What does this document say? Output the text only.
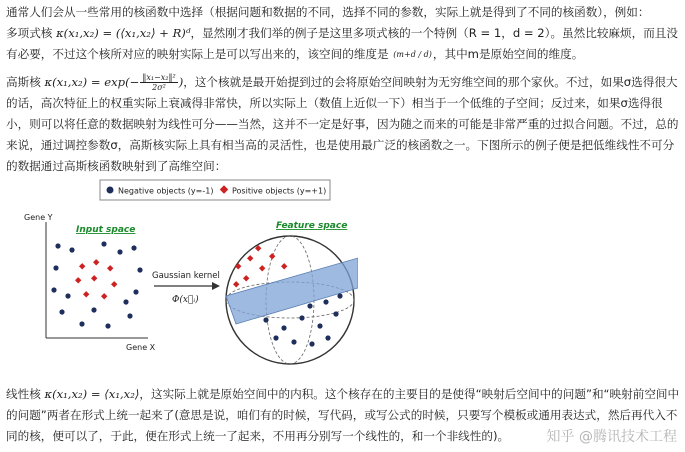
通常人们会从一些常用的核函数中选择（根据问题和数据的不同，选择不同的参数，实际上就是得到了不同的核函数），例如：
多项式核 κ(x₁,x₂) = (⟨x₁,x₂⟩ + R)ᵈ，显然刚才我们举的例子是这里多项式核的一个特例（R = 1，d = 2）。虽然比较麻烦，而且没有必要，不过这个核所对应的映射实际上是可以写出来的，该空间的维度是 (m+d / d)，其中m是原始空间的维度。
高斯核 $\kappa(x_1,x_2) = \exp(- \frac{\text{‖x₁−x₂‖²}}{\text{2σ²}})$，这个核就是最开始提到过的会将原始空间映射为无穷维空间的那个家伙。不过，如果σ选得很大的话，高次特征上的权重实际上衰减得非常快，所以实际上（数值上近似一下）相当于一个低维的子空间；反过来，如果σ选得很小，则可以将任意的数据映射为线性可分——当然，这并不一定是好事，因为随之而来的可能是非常严重的过拟合问题。不过，总的来说，通过调控参数σ，高斯核实际上具有相当高的灵活性，也是使用最广泛的核函数之一。下图所示的例子便是把低维线性不可分的数据通过高斯核函数映射到了高维空间：
Negative objects (y=-1) Positive objects (y=+1)
Gene Y
Gene X
Input space
Gaussian kernel
Φ(x⃗ᵢ)
Feature space
线性核 κ(x₁,x₂) = ⟨x₁,x₂⟩，这实际上就是原始空间中的内积。这个核存在的主要目的是使得“映射后空间中的问题”和“映射前空间中的问题”两者在形式上统一起来了(意思是说，咱们有的时候，写代码，或写公式的时候，只要写个模板或通用表达式，然后再代入不同的核，便可以了，于此，便在形式上统一了起来，不用再分别写一个线性的，和一个非线性的)。	知乎 @腾讯技术工程
